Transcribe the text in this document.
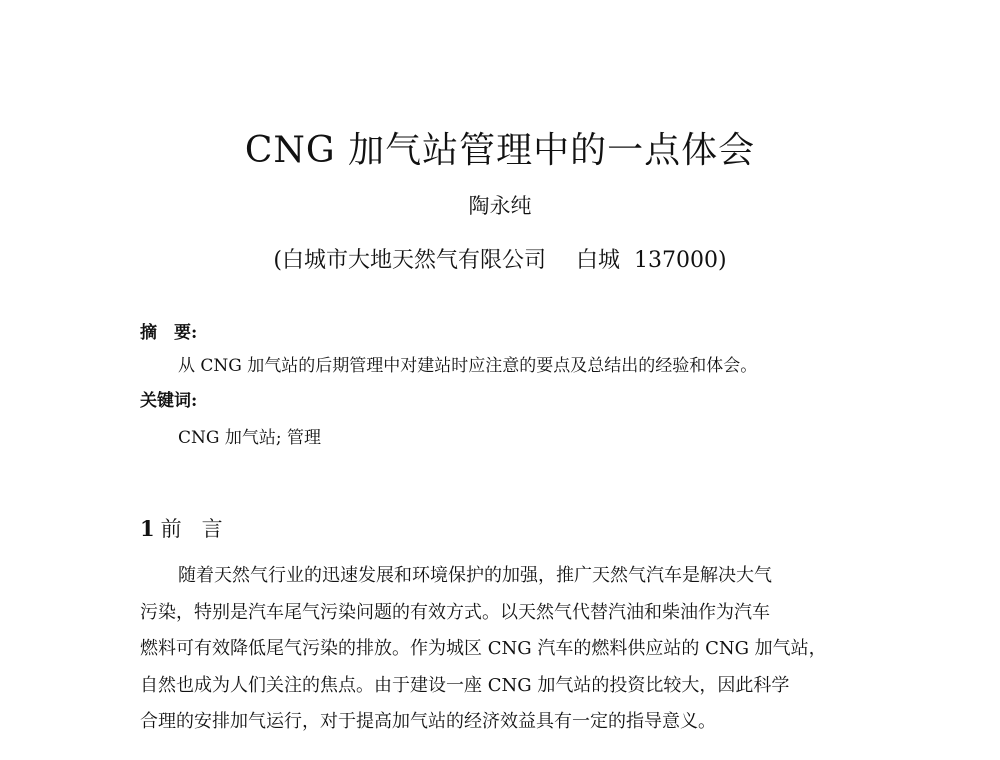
CNG 加气站管理中的一点体会
陶永纯
(白城市大地天然气有限公司 白城 137000)
摘　要:
从 CNG 加气站的后期管理中对建站时应注意的要点及总结出的经验和体会。
关键词:
CNG 加气站; 管理
1 前言
随着天然气行业的迅速发展和环境保护的加强，推广天然气汽车是解决大气
污染，特别是汽车尾气污染问题的有效方式。以天然气代替汽油和柴油作为汽车
燃料可有效降低尾气污染的排放。作为城区 CNG 汽车的燃料供应站的 CNG 加气站，
自然也成为人们关注的焦点。由于建设一座 CNG 加气站的投资比较大，因此科学
合理的安排加气运行，对于提高加气站的经济效益具有一定的指导意义。
